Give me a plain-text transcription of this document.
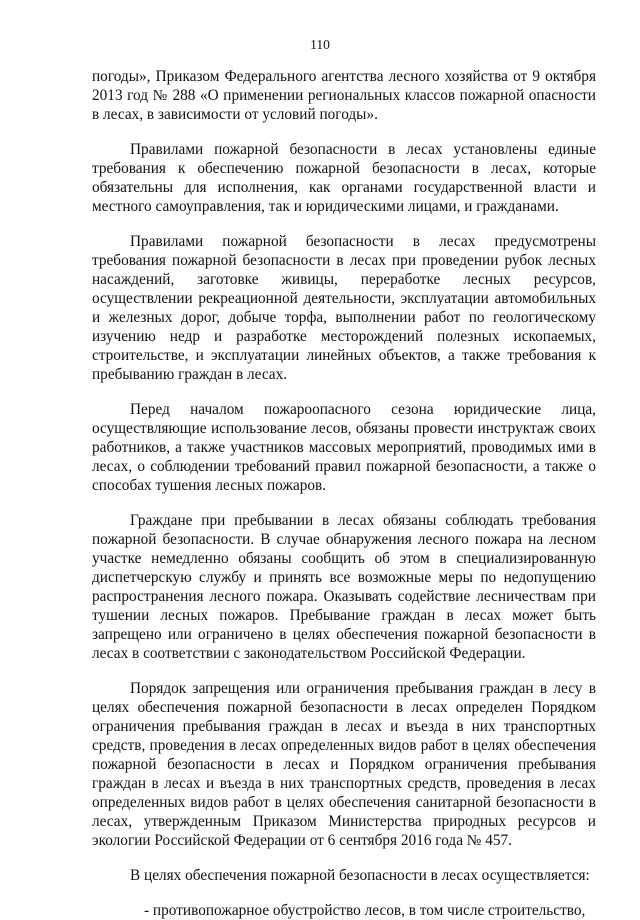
110

погоды», Приказом Федерального агентства лесного хозяйства от 9 октября 2013 год № 288 «О применении региональных классов пожарной опасности в лесах, в зависимости от условий погоды».

Правилами пожарной безопасности в лесах установлены единые требования к обеспечению пожарной безопасности в лесах, которые обязательны для исполнения, как органами государственной власти и местного самоуправления, так и юридическими лицами, и гражданами.

Правилами пожарной безопасности в лесах предусмотрены требования пожарной безопасности в лесах при проведении рубок лесных насаждений, заготовке живицы, переработке лесных ресурсов, осуществлении рекреационной деятельности, эксплуатации автомобильных и железных дорог, добыче торфа, выполнении работ по геологическому изучению недр и разработке месторождений полезных ископаемых, строительстве, и эксплуатации линейных объектов, а также требования к пребыванию граждан в лесах.

Перед началом пожароопасного сезона юридические лица, осуществляющие использование лесов, обязаны провести инструктаж своих работников, а также участников массовых мероприятий, проводимых ими в лесах, о соблюдении требований правил пожарной безопасности, а также о способах тушения лесных пожаров.

Граждане при пребывании в лесах обязаны соблюдать требования пожарной безопасности. В случае обнаружения лесного пожара на лесном участке немедленно обязаны сообщить об этом в специализированную диспетчерскую службу и принять все возможные меры по недопущению распространения лесного пожара. Оказывать содействие лесничествам при тушении лесных пожаров. Пребывание граждан в лесах может быть запрещено или ограничено в целях обеспечения пожарной безопасности в лесах в соответствии с законодательством Российской Федерации.

Порядок запрещения или ограничения пребывания граждан в лесу в целях обеспечения пожарной безопасности в лесах определен Порядком ограничения пребывания граждан в лесах и въезда в них транспортных средств, проведения в лесах определенных видов работ в целях обеспечения пожарной безопасности в лесах и Порядком ограничения пребывания граждан в лесах и въезда в них транспортных средств, проведения в лесах определенных видов работ в целях обеспечения санитарной безопасности в лесах, утвержденным Приказом Министерства природных ресурсов и экологии Российской Федерации от 6 сентября 2016 года № 457.

В целях обеспечения пожарной безопасности в лесах осуществляется:

- противопожарное обустройство лесов, в том числе строительство,
